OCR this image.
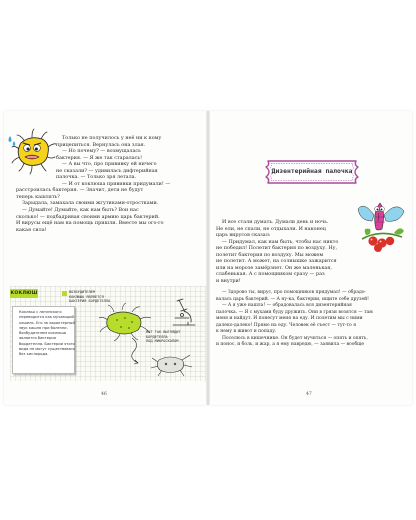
Только не получилось у неё ни к кому

прицепиться. Вернулась она злая.

— Но почему? — возмущалась

бактерия. — Я же так старалась!

— А вы что, про прививку ей ничего

не сказали? — удивилась дифтерийная

палочка. — Только зря летала.

— И от коклюша прививки придумали! —

расстроилась бактерия. — Значит, дети не будут

теперь кашлять?

Зарыдала, замахала своими жгутиками-отростками.

— Думайте! Думайте, как нам быть? Вон нас

сколько! — подбадривая своими армию царь бактерий.

И вирусы ещё нам на помощь пришли. Вместе мы ого-го

какая сила!

КОКЛЮШ	ВОЗБУДИТЕЛЕМ
КОКЛЮША ЯВЛЯЕТСЯ
БАКТЕРИЯ БОРДЕТЕЛЛА

Коклюш с латинского
переводится как мучающий
кашель. Его за характерный
звук кашля при болезни.
Возбудителем коклюша
является бактерия
бордетелла. Бактерии этого
вида не могут существовать
без кислорода.

ВОТ ТАК ВЫГЛЯДИТ
БОРДЕТЕЛЛА
ПОД МИКРОСКОПОМ
46
Дизентерийная палочка

И все стали думать. Думали день и ночь.

Не ели, не спали, не отдыхали. И наконец

царь вирусов сказал:

— Придумал, как нам быть, чтобы нас никто

не победил! Полетит бактерия по воздуху. Ну,

полетит бактерия по воздуху. Мы можем

не полетит. А может, на солнышке зажарится

или на морозе замёрзнет. Он же маленькая,

слабенькая. А с помощником сразу — раз

и внутри!

— Здорово ты, вирус, про помощников придумал! — обрадо-

валась царь бактерий. — А ну-ка, бактерии, ищите себе друзей!

— А я уже нашла! — обрадовалась вся дизентерийная

палочка. — Я с мухами буду дружить. Они в грязи возятся — там

меня и найдут. И понесут меня на еду. И полетим мы с ними

далеко-далеко! Прямо на еду. Человек её съест — тут-то я

к нему в живот и попаду.

Поселюсь в кишечнике. Он будет мучиться — опять и опять,

и понос, и боль, и жар, а я ему навредю, — заявила — вообще

47
